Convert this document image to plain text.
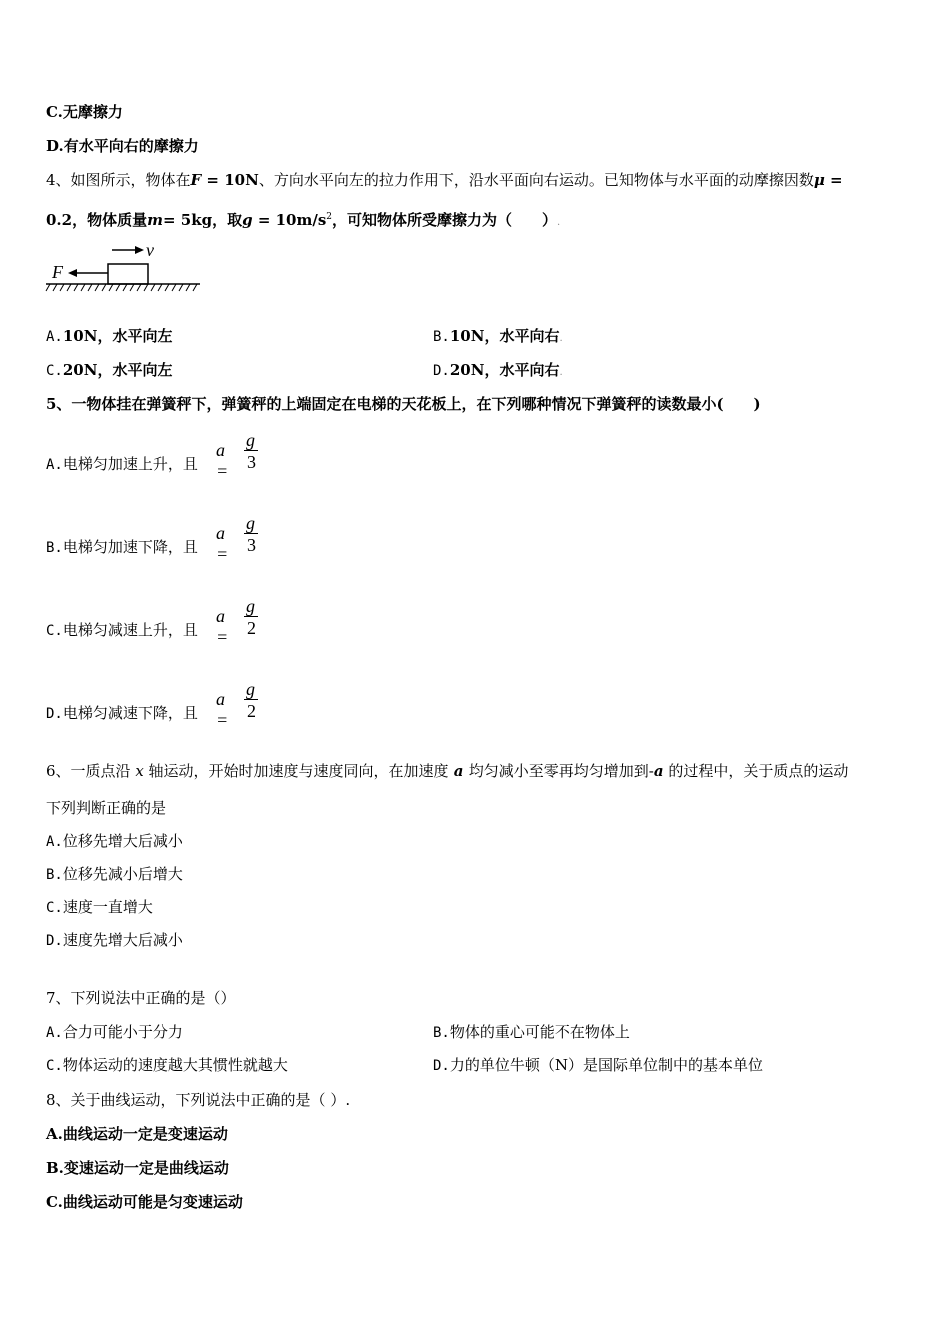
C.无摩擦力
D.有水平向右的摩擦力
4、如图所示，物体在F = 10N、方向水平向左的拉力作用下，沿水平面向右运动。已知物体与水平面的动摩擦因数μ =
0.2，物体质量m= 5kg，取$g = 10m/s^2$，可知物体所受摩擦力为（　　）.
F
v
A.10N，水平向左	B.10N，水平向右.
C.20N，水平向左	D.20N，水平向右.
5、一物体挂在弹簧秤下，弹簧秤的上端固定在电梯的天花板上，在下列哪种情况下弹簧秤的读数最小(　　)
A.电梯匀加速上升，且
a =
g
3
B.电梯匀加速下降，且
a =
g
3
C.电梯匀减速上升，且
a =
g
2
D.电梯匀减速下降，且
a =
g
2
6、一质点沿 x 轴运动，开始时加速度与速度同向，在加速度 a 均匀减小至零再均匀增加到-a 的过程中，关于质点的运动
下列判断正确的是
A.位移先增大后减小
B.位移先减小后增大
C.速度一直增大
D.速度先增大后减小
7、下列说法中正确的是（）
A.合力可能小于分力	B.物体的重心可能不在物体上
C.物体运动的速度越大其惯性就越大	D.力的单位牛顿（N）是国际单位制中的基本单位
8、关于曲线运动，下列说法中正确的是（ ）.
A.曲线运动一定是变速运动
B.变速运动一定是曲线运动
C.曲线运动可能是匀变速运动
